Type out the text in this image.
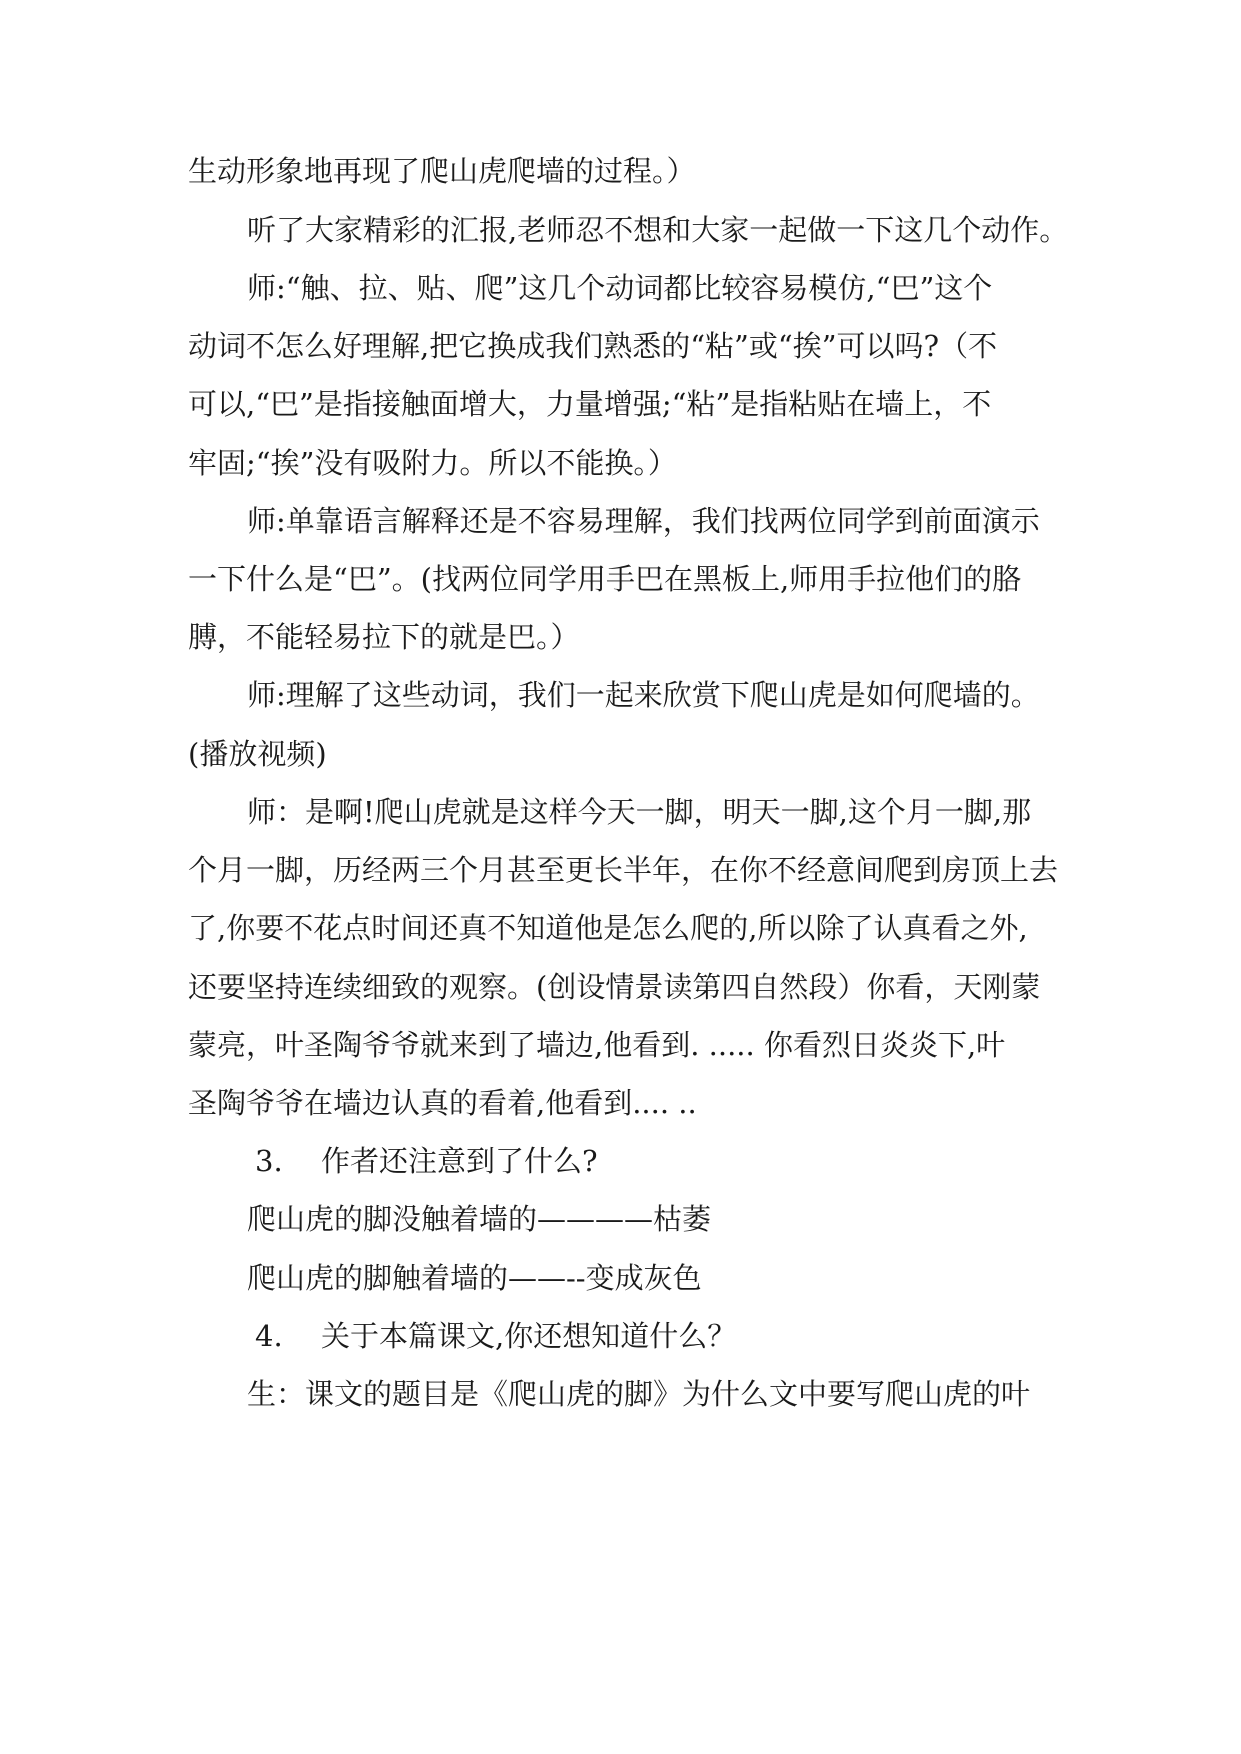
生动形象地再现了爬山虎爬墙的过程。）
听了大家精彩的汇报,老师忍不想和大家一起做一下这几个动作。
师:“触、拉、贴、爬”这几个动词都比较容易模仿,“巴”这个
动词不怎么好理解,把它换成我们熟悉的“粘”或“挨”可以吗?（不
可以,“巴”是指接触面增大，力量增强;“粘”是指粘贴在墙上，不
牢固;“挨”没有吸附力。所以不能换。）
师:单靠语言解释还是不容易理解，我们找两位同学到前面演示
一下什么是“巴”。(找两位同学用手巴在黑板上,师用手拉他们的胳
膊，不能轻易拉下的就是巴。）
师:理解了这些动词，我们一起来欣赏下爬山虎是如何爬墙的。
(播放视频)
师：是啊!爬山虎就是这样今天一脚，明天一脚,这个月一脚,那
个月一脚，历经两三个月甚至更长半年，在你不经意间爬到房顶上去
了,你要不花点时间还真不知道他是怎么爬的,所以除了认真看之外,
还要坚持连续细致的观察。(创设情景读第四自然段）你看，天刚蒙
蒙亮，叶圣陶爷爷就来到了墙边,他看到. ..... 你看烈日炎炎下,叶
圣陶爷爷在墙边认真的看着,他看到.... ..
3. 作者还注意到了什么?
爬山虎的脚没触着墙的————枯萎
爬山虎的脚触着墙的——--变成灰色
4. 关于本篇课文,你还想知道什么？
生：课文的题目是《爬山虎的脚》为什么文中要写爬山虎的叶
